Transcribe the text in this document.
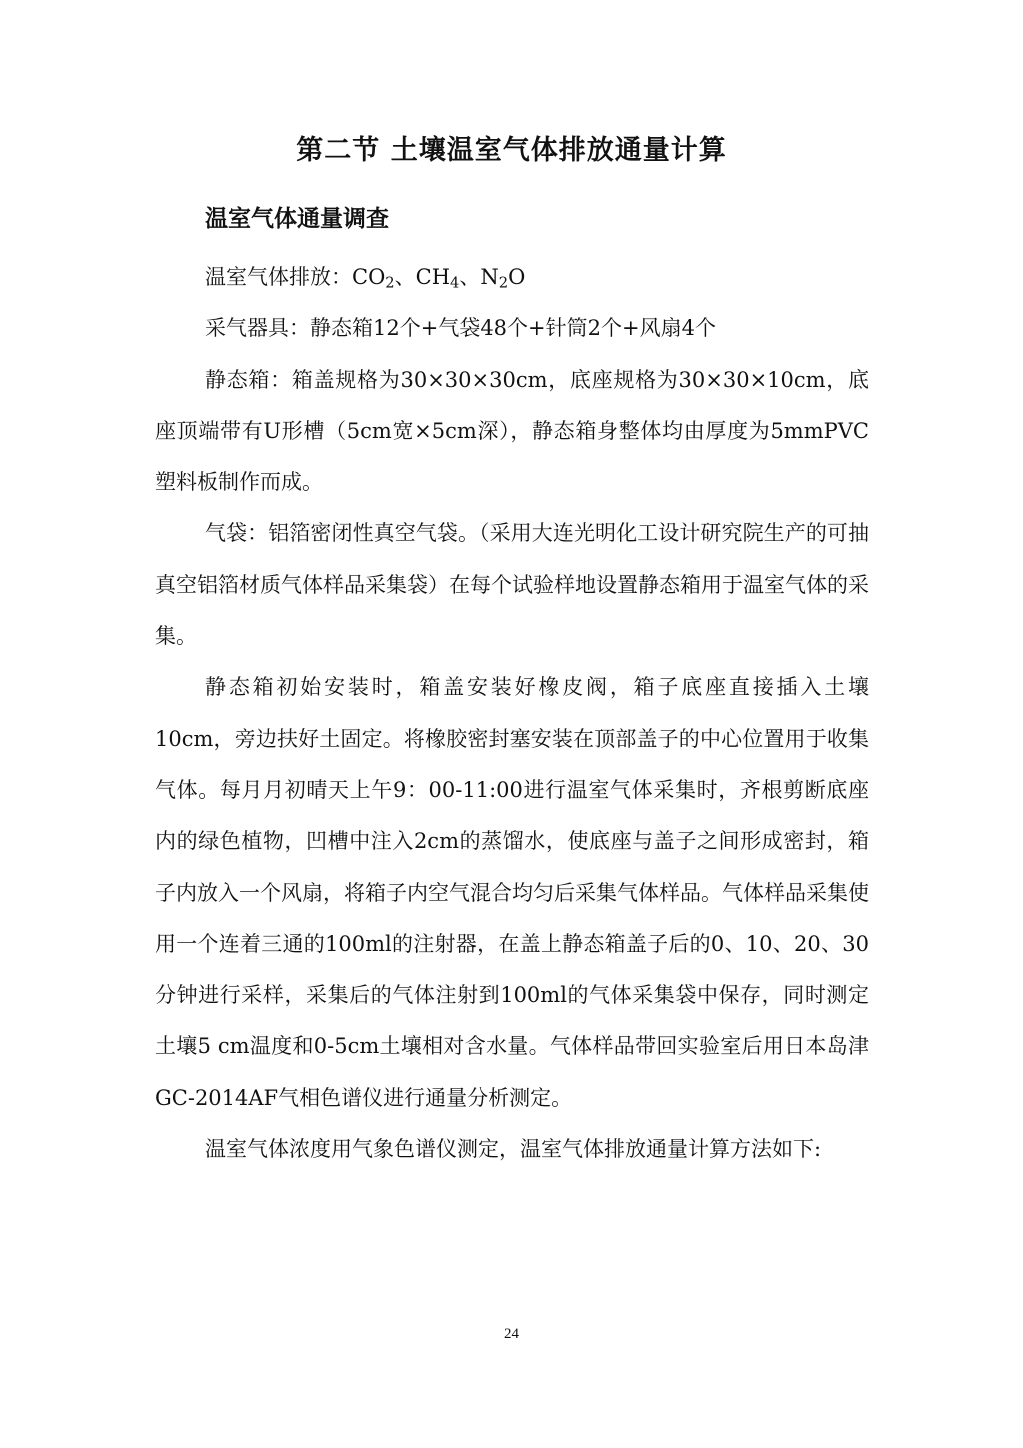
第二节 土壤温室气体排放通量计算
温室气体通量调查

温室气体排放：$CO_2$、$CH_4$、$N_2O$

采气器具：静态箱12个+气袋48个+针筒2个+风扇4个

静态箱：箱盖规格为30×30×30cm，底座规格为30×30×10cm，底座顶端带有U形槽（5cm宽×5cm深），静态箱身整体均由厚度为5mmPVC塑料板制作而成。

气袋：铝箔密闭性真空气袋。（采用大连光明化工设计研究院生产的可抽真空铝箔材质气体样品采集袋）在每个试验样地设置静态箱用于温室气体的采集。

静态箱初始安装时，箱盖安装好橡皮阀，箱子底座直接插入土壤10cm，旁边扶好土固定。将橡胶密封塞安装在顶部盖子的中心位置用于收集气体。每月月初晴天上午9：00-11:00进行温室气体采集时，齐根剪断底座内的绿色植物，凹槽中注入2cm的蒸馏水，使底座与盖子之间形成密封，箱子内放入一个风扇，将箱子内空气混合均匀后采集气体样品。气体样品采集使用一个连着三通的100ml的注射器，在盖上静态箱盖子后的0、10、20、30分钟进行采样，采集后的气体注射到100ml的气体采集袋中保存，同时测定土壤5 cm温度和0-5cm土壤相对含水量。气体样品带回实验室后用日本岛津GC-2014AF气相色谱仪进行通量分析测定。

温室气体浓度用气象色谱仪测定，温室气体排放通量计算方法如下:

24
